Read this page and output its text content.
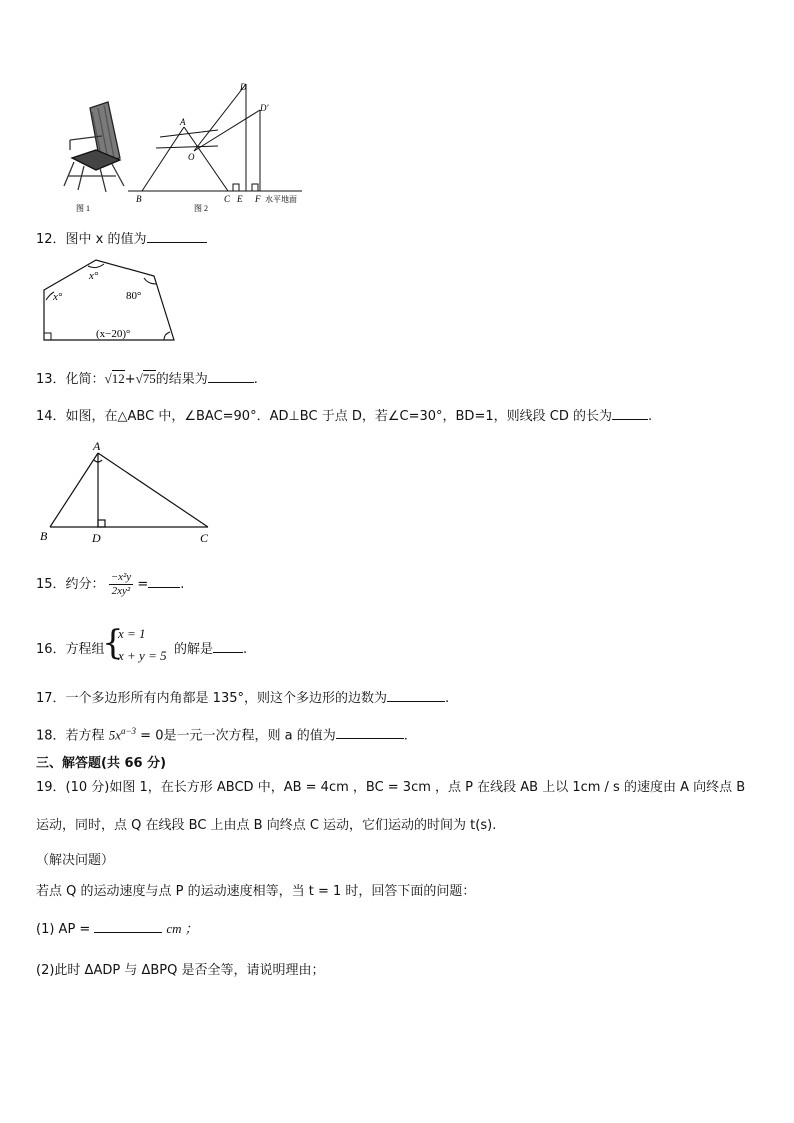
图 1
A
O
B	C
D
D'
E F 水平地面
图 2
12．图中 x 的值为
x°
x°	80°
(x−20)°
13．化简：√12+√75的结果为	.
14．如图，在△ABC 中，∠BAC=90°．AD⊥BC 于点 D，若∠C=30°，BD=1，则线段 CD 的长为	.
A
B	D	C
15．约分： $\frac{\text{−x²y}}{\text{2xy²}}$ = .
16．方程组
{
x = 1
x + y = 5 的解是 .
17．一个多边形所有内角都是 135°，则这个多边形的边数为	.
18．若方程 $5x^{a-3} = 0$是一元一次方程，则 a 的值为	.
三、解答题(共 66 分)
19．(10 分)如图 1，在长方形 ABCD 中，AB = 4cm ，BC = 3cm ，点 P 在线段 AB 上以 1cm / s 的速度由 A 向终点 B
运动，同时，点 Q 在线段 BC 上由点 B 向终点 C 运动，它们运动的时间为 t(s).
（解决问题）
若点 Q 的运动速度与点 P 的运动速度相等，当 t = 1 时，回答下面的问题：
(1) AP =	cm ；
(2)此时 ΔADP 与 ΔBPQ 是否全等，请说明理由；
